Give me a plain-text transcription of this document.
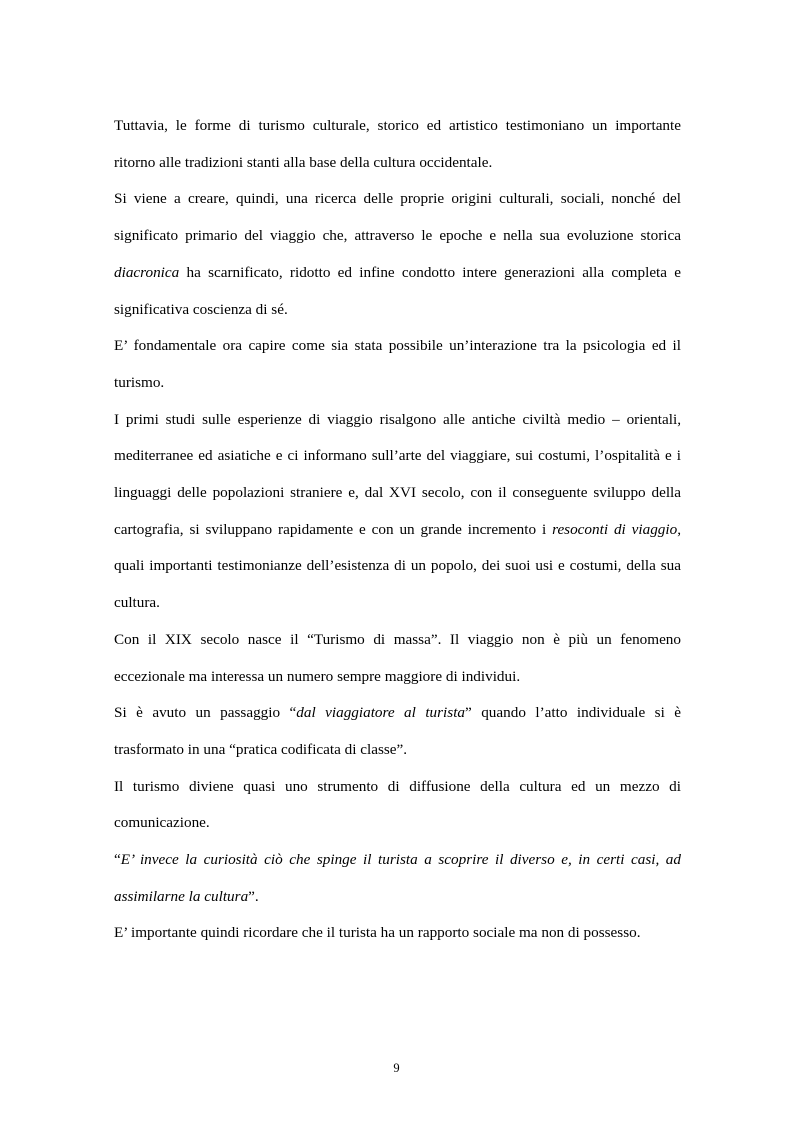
Tuttavia, le forme di turismo culturale, storico ed artistico testimoniano un importante ritorno alle tradizioni stanti alla base della cultura occidentale.

Si viene a creare, quindi, una ricerca delle proprie origini culturali, sociali, nonché del significato primario del viaggio che, attraverso le epoche e nella sua evoluzione storica diacronica ha scarnificato, ridotto ed infine condotto intere generazioni alla completa e significativa coscienza di sé.

E’ fondamentale ora capire come sia stata possibile un’interazione tra la psicologia ed il turismo.

I primi studi sulle esperienze di viaggio risalgono alle antiche civiltà medio – orientali, mediterranee ed asiatiche e ci informano sull’arte del viaggiare, sui costumi, l’ospitalità e i linguaggi delle popolazioni straniere e, dal XVI secolo, con il conseguente sviluppo della cartografia, si sviluppano rapidamente e con un grande incremento i resoconti di viaggio, quali importanti testimonianze dell’esistenza di un popolo, dei suoi usi e costumi, della sua cultura.

Con il XIX secolo nasce il “Turismo di massa”. Il viaggio non è più un fenomeno eccezionale ma interessa un numero sempre maggiore di individui.

Si è avuto un passaggio “dal viaggiatore al turista” quando l’atto individuale si è trasformato in una “pratica codificata di classe”.

Il turismo diviene quasi uno strumento di diffusione della cultura ed un mezzo di comunicazione.

“E’ invece la curiosità ciò che spinge il turista a scoprire il diverso e, in certi casi, ad assimilarne la cultura”.

E’ importante quindi ricordare che il turista ha un rapporto sociale ma non di possesso.

9
